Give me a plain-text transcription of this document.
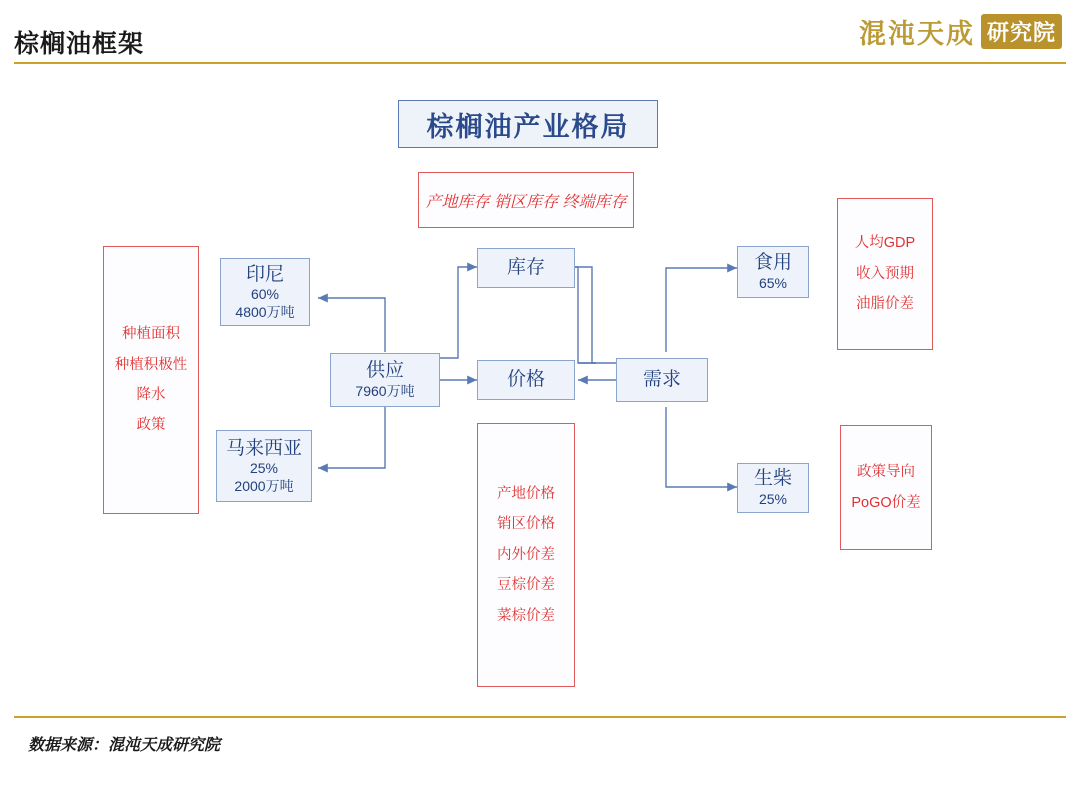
棕榈油框架	混沌天成 研究院
棕榈油产业格局
产地库存 销区库存 终端库存
种植面积
种植积极性
降水
政策
印尼
60%
4800万吨
马来西亚
25%
2000万吨
供应
7960万吨
库存
价格	需求
食用
65%
生柴
25%
产地价格
销区价格
内外价差
豆棕价差
菜棕价差
人均GDP
收入预期
油脂价差
政策导向
PoGO价差
数据来源：混沌天成研究院
